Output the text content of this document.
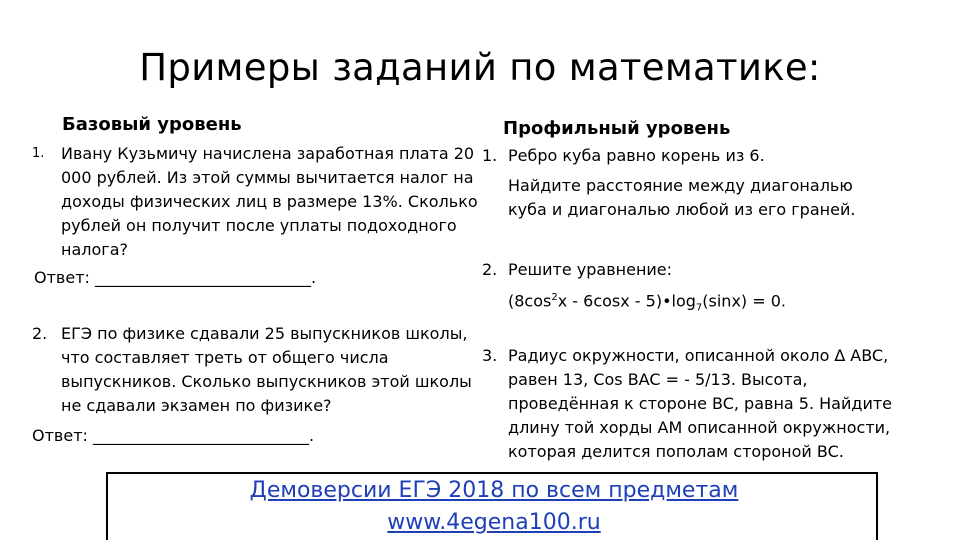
Примеры заданий по математике:
Базовый уровень
1. Ивану Кузьмичу начислена заработная плата 20
000 рублей. Из этой суммы вычитается налог на
доходы физических лиц в размере 13%. Сколько
рублей он получит после уплаты подоходного
налога?
Ответ: ___________________________.
2. ЕГЭ по физике сдавали 25 выпускников школы,
что составляет треть от общего числа
выпускников. Сколько выпускников этой школы
не сдавали экзамен по физике?
Ответ: ___________________________.
Профильный уровень
1. Ребро куба равно корень из 6.
Найдите расстояние между диагональю
куба и диагональю любой из его граней.
2. Решите уравнение:
($8\cos^2x - 6\cos x$ - $5)•\log_7(\sin x) = 0$.
3. Радиус окружности, описанной около ∆ ABC,
равен 13, Cos BAC = - 5/13. Высота,
проведённая к стороне BC, равна 5. Найдите
длину той хорды AM описанной окружности,
которая делится пополам стороной BC.
Демоверсии ЕГЭ 2018 по всем предметам
www.4egena100.ru
